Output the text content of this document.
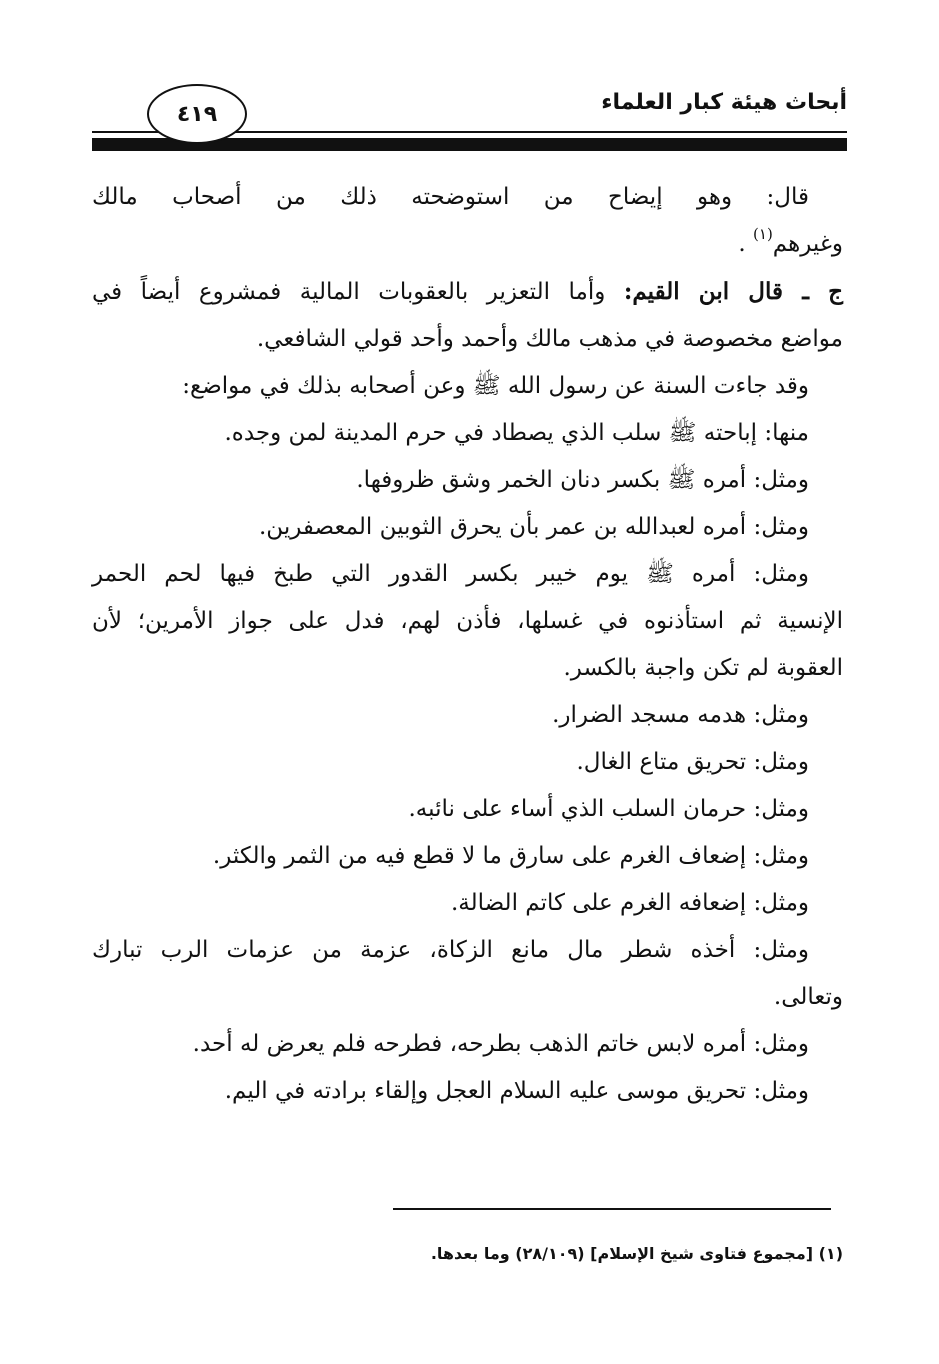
أبحاث هيئة كبار العلماء
٤١٩

قال: وهو إيضاح من استوضحته ذلك من أصحاب مالك

وغيرهم$^{(١)}$ .

ج ـ قال ابن القيم: وأما التعزير بالعقوبات المالية فمشروع أيضاً في

مواضع مخصوصة في مذهب مالك وأحمد وأحد قولي الشافعي.

وقد جاءت السنة عن رسول الله ﷺ وعن أصحابه بذلك في مواضع:

منها: إباحته ﷺ سلب الذي يصطاد في حرم المدينة لمن وجده.

ومثل: أمره ﷺ بكسر دنان الخمر وشق ظروفها.

ومثل: أمره لعبدالله بن عمر بأن يحرق الثوبين المعصفرين.

ومثل: أمره ﷺ يوم خيبر بكسر القدور التي طبخ فيها لحم الحمر

الإنسية ثم استأذنوه في غسلها، فأذن لهم، فدل على جواز الأمرين؛ لأن

العقوبة لم تكن واجبة بالكسر.

ومثل: هدمه مسجد الضرار.

ومثل: تحريق متاع الغال.

ومثل: حرمان السلب الذي أساء على نائبه.

ومثل: إضعاف الغرم على سارق ما لا قطع فيه من الثمر والكثر.

ومثل: إضعافه الغرم على كاتم الضالة.

ومثل: أخذه شطر مال مانع الزكاة، عزمة من عزمات الرب تبارك

وتعالى.

ومثل: أمره لابس خاتم الذهب بطرحه، فطرحه فلم يعرض له أحد.

ومثل: تحريق موسى عليه السلام العجل وإلقاء برادته في اليم.

(١) [مجموع فتاوى شيخ الإسلام] (٢٨/١٠٩) وما بعدها.
